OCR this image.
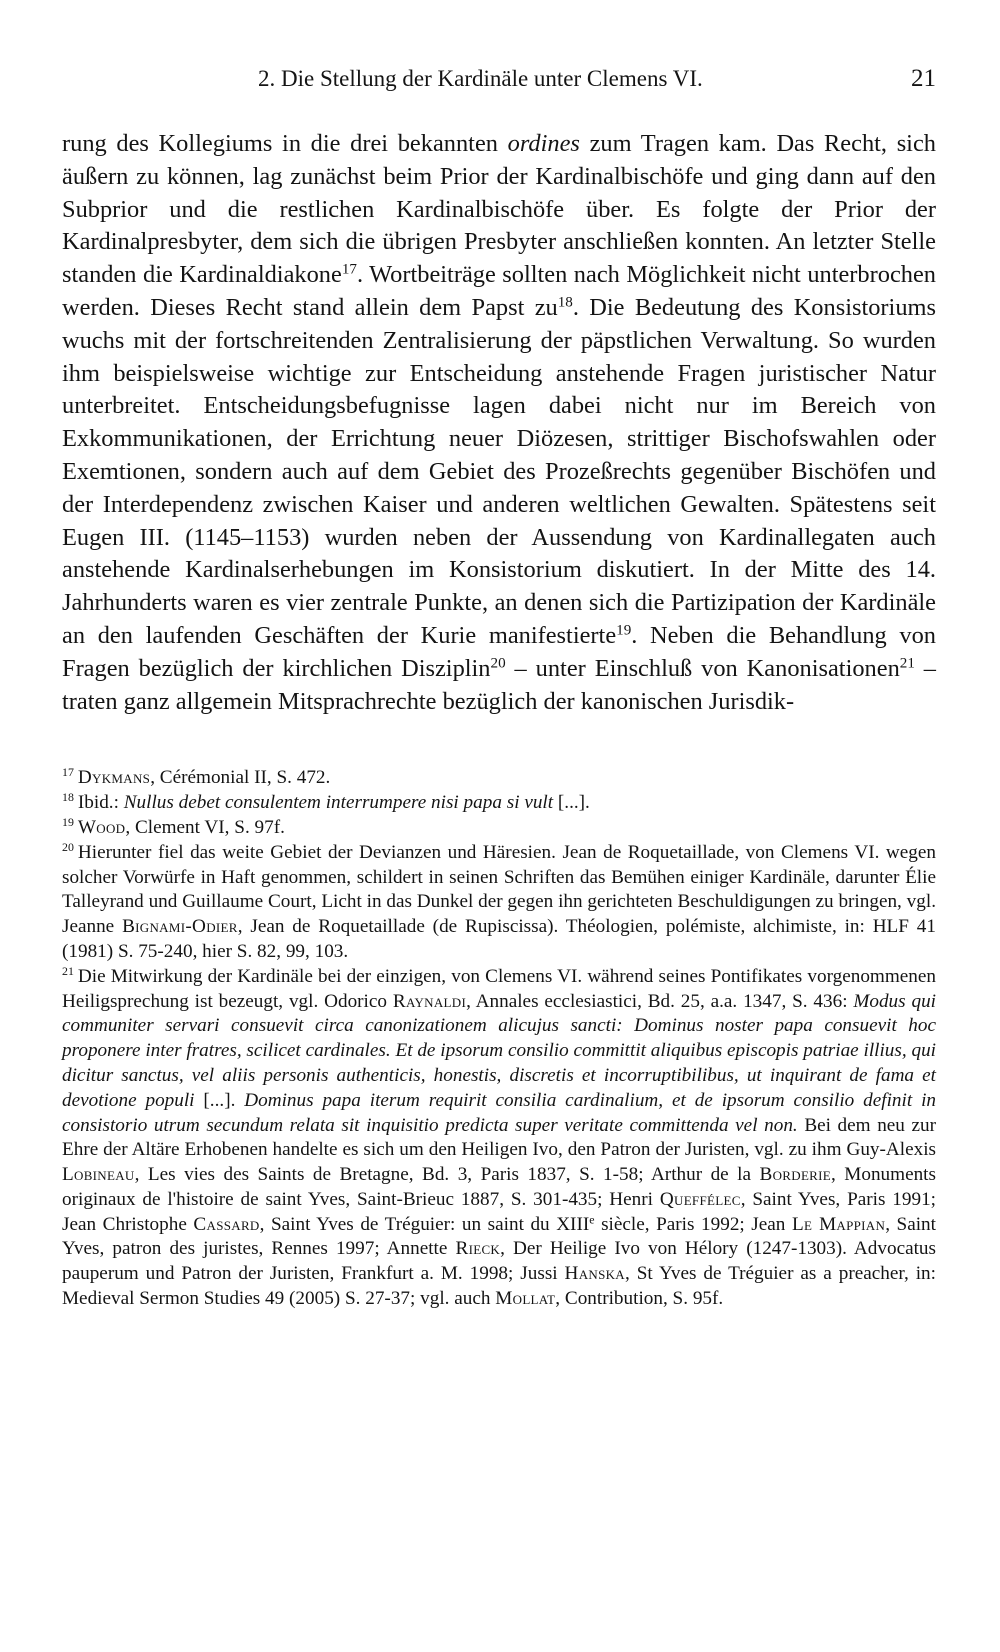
2. Die Stellung der Kardinäle unter Clemens VI.	21

rung des Kollegiums in die drei bekannten ordines zum Tragen kam. Das Recht, sich äußern zu können, lag zunächst beim Prior der Kardinalbischöfe und ging dann auf den Subprior und die restlichen Kardinalbischöfe über. Es folgte der Prior der Kardinalpresbyter, dem sich die übrigen Presbyter anschließen konnten. An letzter Stelle standen die Kardinaldiakone$^{17}$. Wortbeiträge sollten nach Möglichkeit nicht unterbrochen werden. Dieses Recht stand allein dem Papst $zu^{18}$. Die Bedeutung des Konsistoriums wuchs mit der fortschreitenden Zentralisierung der päpstlichen Verwaltung. So wurden ihm beispielsweise wichtige zur Entscheidung anstehende Fragen juristischer Natur unterbreitet. Entscheidungsbefugnisse lagen dabei nicht nur im Bereich von Exkommunikationen, der Errichtung neuer Diözesen, strittiger Bischofswahlen oder Exemtionen, sondern auch auf dem Gebiet des Prozeßrechts gegenüber Bischöfen und der Interdependenz zwischen Kaiser und anderen weltlichen Gewalten. Spätestens seit Eugen III. (1145–1153) wurden neben der Aussendung von Kardinallegaten auch anstehende Kardinalserhebungen im Konsistorium diskutiert. In der Mitte des 14. Jahrhunderts waren es vier zentrale Punkte, an denen sich die Partizipation der Kardinäle an den laufenden Geschäften der Kurie manifestierte$^{19}$. Neben die Behandlung von Fragen bezüglich der kirchlichen Disziplin$^{20}$ – unter Einschluß von Kanonisationen$^{21}$ – traten ganz allgemein Mitsprachrechte bezüglich der kanonischen Jurisdik-

$^{17}$ Dykmans, Cérémonial II, S. 472.

$^{18}$ Ibid.: Nullus debet consulentem interrumpere nisi papa si vult [...].

$^{19}$ Wood, Clement VI, S. 97f.

$^{20}$ Hierunter fiel das weite Gebiet der Devianzen und Häresien. Jean de Roquetaillade, von Clemens VI. wegen solcher Vorwürfe in Haft genommen, schildert in seinen Schriften das Bemühen einiger Kardinäle, darunter Élie Talleyrand und Guillaume Court, Licht in das Dunkel der gegen ihn gerichteten Beschuldigungen zu bringen, vgl. Jeanne Bignami-Odier, Jean de Roquetaillade (de Rupiscissa). Théologien, polémiste, alchimiste, in: HLF 41 (1981) S. 75-240, hier S. 82, 99, 103.

$^{21}$ Die Mitwirkung der Kardinäle bei der einzigen, von Clemens VI. während seines Pontifikates vorgenommenen Heiligsprechung ist bezeugt, vgl. Odorico Raynaldi, Annales ecclesiastici, Bd. 25, a.a. 1347, S. 436: Modus qui communiter servari consuevit circa canonizationem alicujus sancti: Dominus noster papa consuevit hoc proponere inter fratres, scilicet cardinales. Et de ipsorum consilio committit aliquibus episcopis patriae illius, qui dicitur sanctus, vel aliis personis authenticis, honestis, discretis et incorruptibilibus, ut inquirant de fama et devotione populi [...]. Dominus papa iterum requirit consilia cardinalium, et de ipsorum consilio definit in consistorio utrum secundum relata sit inquisitio predicta super veritate committenda vel non. Bei dem neu zur Ehre der Altäre Erhobenen handelte es sich um den Heiligen Ivo, den Patron der Juristen, vgl. zu ihm Guy-Alexis Lobineau, Les vies des Saints de Bretagne, Bd. 3, Paris 1837, S. 1-58; Arthur de la Borderie, Monuments originaux de l'histoire de saint Yves, Saint-Brieuc 1887, S. 301-435; Henri Queffélec, Saint Yves, Paris 1991; Jean Christophe Cassard, Saint Yves de Tréguier: un saint du XIIIe siècle, Paris 1992; Jean Le Mappian, Saint Yves, patron des juristes, Rennes 1997; Annette Rieck, Der Heilige Ivo von Hélory (1247-1303). Advocatus pauperum und Patron der Juristen, Frankfurt a. M. 1998; Jussi Hanska, St Yves de Tréguier as a preacher, in: Medieval Sermon Studies 49 (2005) S. 27-37; vgl. auch Mollat, Contribution, S. 95f.
